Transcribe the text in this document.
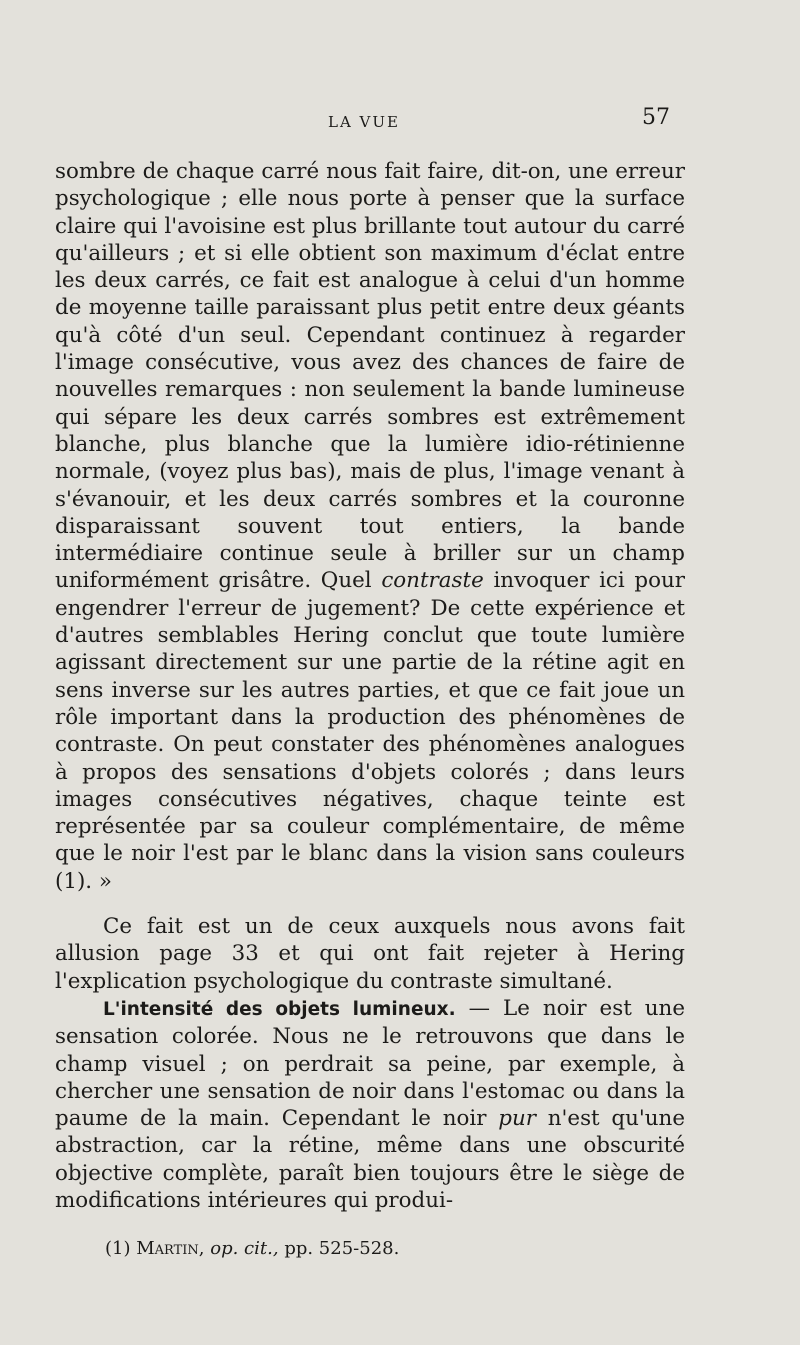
LA VUE	57

sombre de chaque carré nous fait faire, dit-on, une erreur psychologique ; elle nous porte à penser que la surface claire qui l'avoisine est plus brillante tout autour du carré qu'ailleurs ; et si elle obtient son maximum d'éclat entre les deux carrés, ce fait est analogue à celui d'un homme de moyenne taille paraissant plus petit entre deux géants qu'à côté d'un seul. Cependant continuez à regarder l'image consécutive, vous avez des chances de faire de nouvelles remarques : non seulement la bande lumineuse qui sépare les deux carrés sombres est extrêmement blanche, plus blanche que la lumière idio-rétinienne normale, (voyez plus bas), mais de plus, l'image venant à s'évanouir, et les deux carrés sombres et la couronne disparaissant souvent tout entiers, la bande intermédiaire continue seule à briller sur un champ uniformément grisâtre. Quel contraste invoquer ici pour engendrer l'erreur de jugement? De cette expérience et d'autres semblables Hering conclut que toute lumière agissant directement sur une partie de la rétine agit en sens inverse sur les autres parties, et que ce fait joue un rôle important dans la production des phénomènes de contraste. On peut constater des phénomènes analogues à propos des sensations d'objets colorés ; dans leurs images consécutives négatives, chaque teinte est représentée par sa couleur complémentaire, de même que le noir l'est par le blanc dans la vision sans couleurs (1). »

Ce fait est un de ceux auxquels nous avons fait allusion page 33 et qui ont fait rejeter à Hering l'explication psychologique du contraste simultané.

L'intensité des objets lumineux. — Le noir est une sensation colorée. Nous ne le retrouvons que dans le champ visuel ; on perdrait sa peine, par exemple, à chercher une sensation de noir dans l'estomac ou dans la paume de la main. Cependant le noir pur n'est qu'une abstraction, car la rétine, même dans une obscurité objective complète, paraît bien toujours être le siège de modifications intérieures qui produi-

(1) Martin, op. cit., pp. 525-528.
